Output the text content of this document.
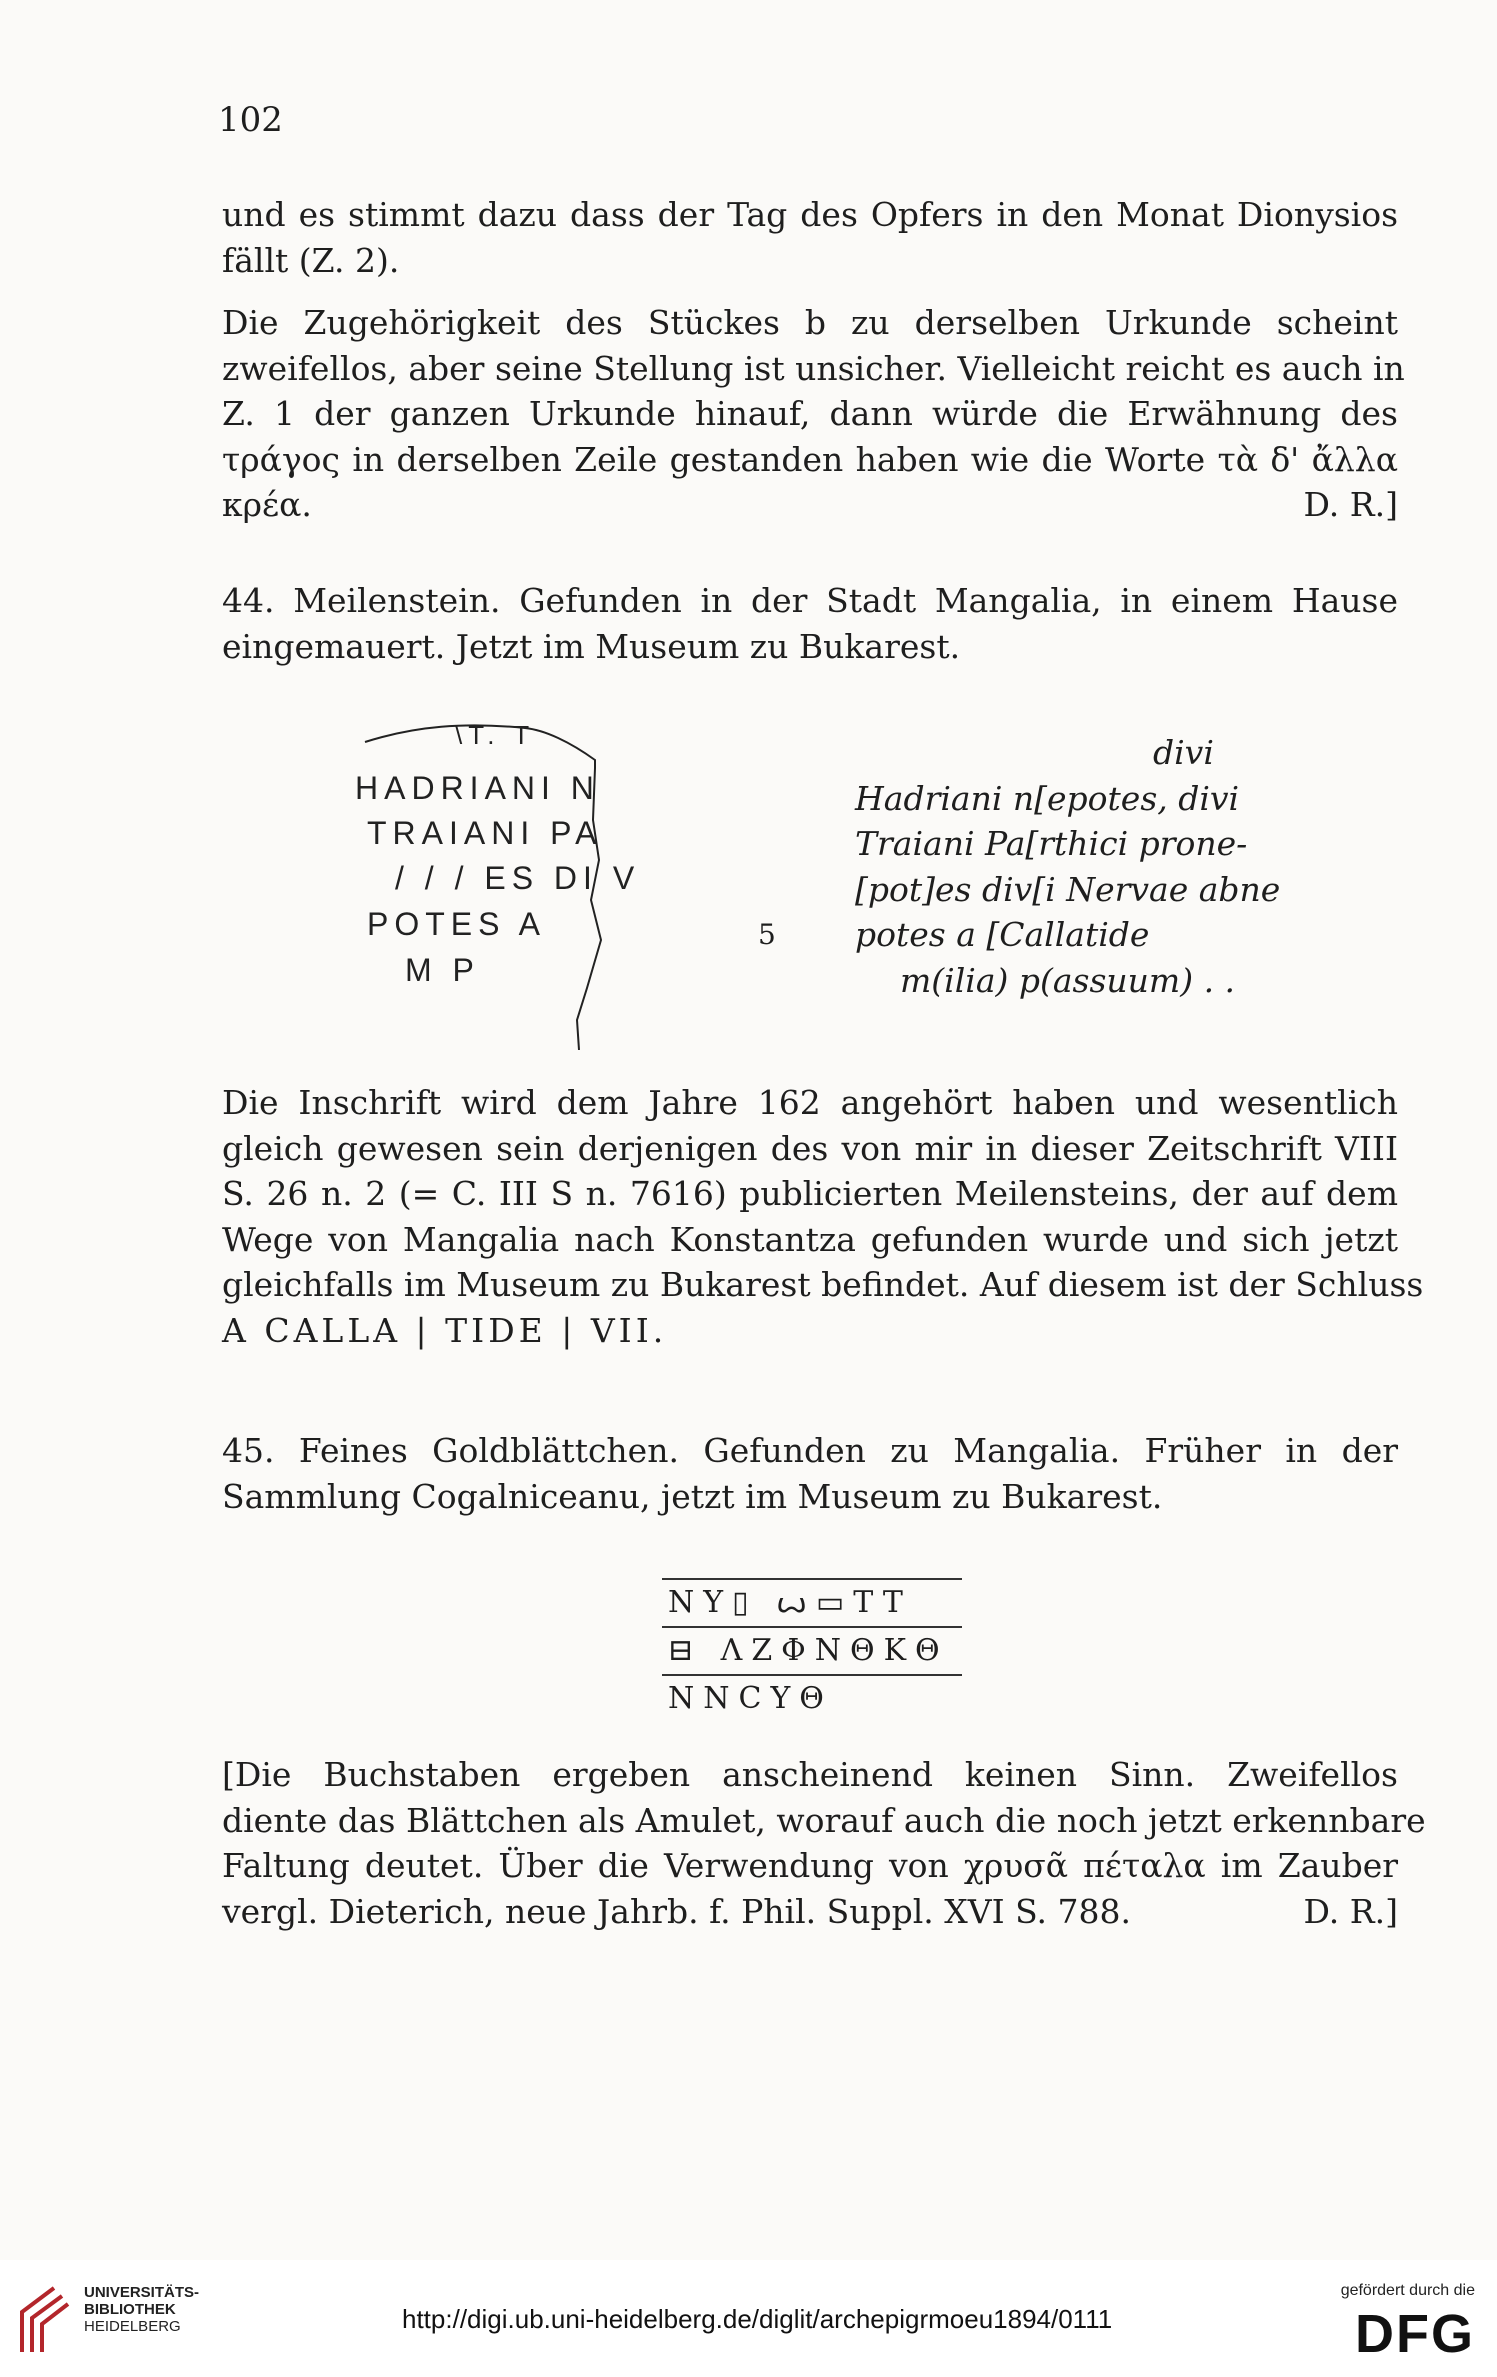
102
und es stimmt dazu dass der Tag des Opfers in den Monat Dionysios
fällt (Z. 2).
Die Zugehörigkeit des Stückes b zu derselben Urkunde scheint
zweifellos, aber seine Stellung ist unsicher. Vielleicht reicht es auch in
Z. 1 der ganzen Urkunde hinauf, dann würde die Erwähnung des
τράγος in derselben Zeile gestanden haben wie die Worte τὰ δ' ἄλλα
κρέα.	D. R.]
44. Meilenstein. Gefunden in der Stadt Mangalia, in einem Hause
eingemauert. Jetzt im Museum zu Bukarest.
\T. T
HADRIANI N
TRAIANI PA
/ / / ES DI V
POTES A
M P
divi
Hadriani n[epotes, divi
Traiani Pa[rthici prone-
[pot]es div[i Nervae abne
5 potes a [Callatide
m(ilia) p(assuum) . .
Die Inschrift wird dem Jahre 162 angehört haben und wesentlich
gleich gewesen sein derjenigen des von mir in dieser Zeitschrift VIII
S. 26 n. 2 (= C. III S n. 7616) publicierten Meilensteins, der auf dem
Wege von Mangalia nach Konstantza gefunden wurde und sich jetzt
gleichfalls im Museum zu Bukarest befindet. Auf diesem ist der Schluss
A CALLA | TIDE | VII.
45. Feines Goldblättchen. Gefunden zu Mangalia. Früher in der
Sammlung Cogalniceanu, jetzt im Museum zu Bukarest.
NY▯ ꙍ▭TT
⊟ ΛΖΦΝΘΚΘ
NNCYΘ
[Die Buchstaben ergeben anscheinend keinen Sinn. Zweifellos
diente das Blättchen als Amulet, worauf auch die noch jetzt erkennbare
Faltung deutet. Über die Verwendung von χρυσᾶ πέταλα im Zauber
vergl. Dieterich, neue Jahrb. f. Phil. Suppl. XVI S. 788.	D. R.]
UNIVERSITÄTS-
BIBLIOTHEK
HEIDELBERG	http://digi.ub.uni-heidelberg.de/diglit/archepigrmoeu1894/0111
gefördert durch die
DFG
